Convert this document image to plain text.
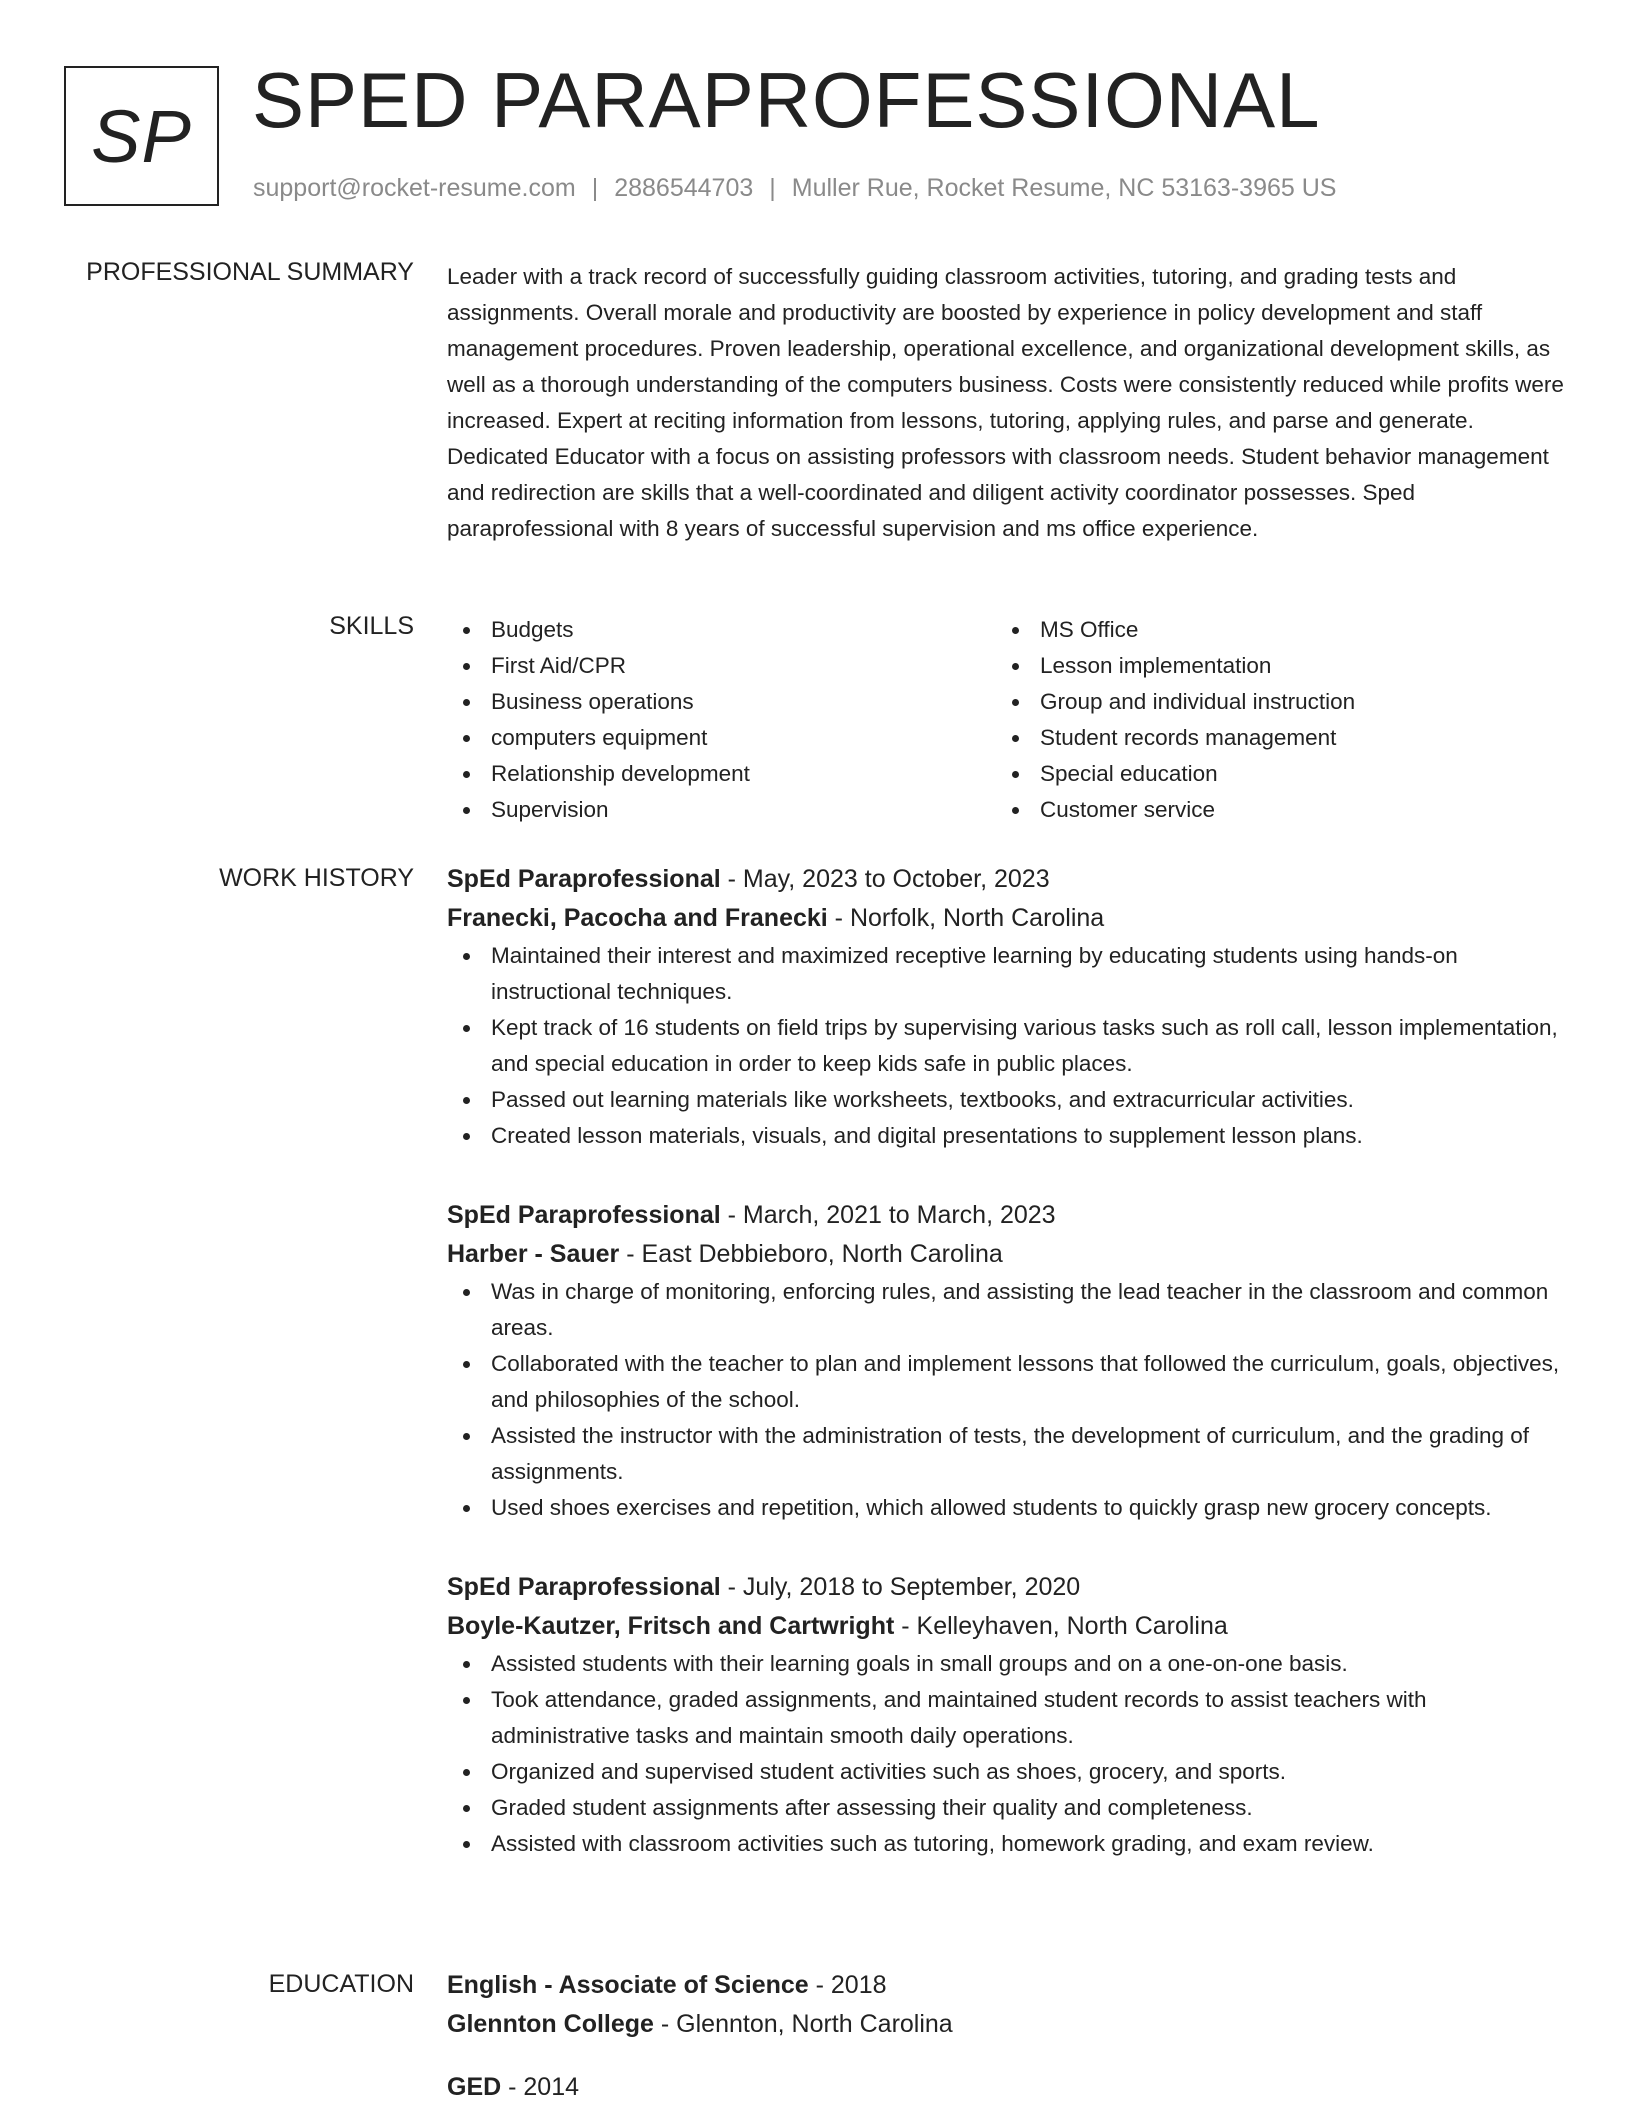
SP SPED PARAPROFESSIONAL
support@rocket-resume.com | 2886544703 | Muller Rue, Rocket Resume, NC 53163-3965 US
PROFESSIONAL SUMMARY Leader with a track record of successfully guiding classroom activities, tutoring, and grading tests and assignments. Overall morale and productivity are boosted by experience in policy development and staff management procedures. Proven leadership, operational excellence, and organizational development skills, as well as a thorough understanding of the computers business. Costs were consistently reduced while profits were increased. Expert at reciting information from lessons, tutoring, applying rules, and parse and generate. Dedicated Educator with a focus on assisting professors with classroom needs. Student behavior management and redirection are skills that a well-coordinated and diligent activity coordinator possesses. Sped paraprofessional with 8 years of successful supervision and ms office experience.

SKILLS	Budgets
First Aid/CPR
Business operations
computers equipment
Relationship development
Supervision
MS Office
Lesson implementation
Group and individual instruction
Student records management
Special education
Customer service
WORK HISTORY SpEd Paraprofessional - May, 2023 to October, 2023
Franecki, Pacocha and Franecki - Norfolk, North Carolina
Maintained their interest and maximized receptive learning by educating students using hands-on instructional techniques.
Kept track of 16 students on field trips by supervising various tasks such as roll call, lesson implementation, and special education in order to keep kids safe in public places.
Passed out learning materials like worksheets, textbooks, and extracurricular activities.
Created lesson materials, visuals, and digital presentations to supplement lesson plans.
SpEd Paraprofessional - March, 2021 to March, 2023
Harber - Sauer - East Debbieboro, North Carolina
Was in charge of monitoring, enforcing rules, and assisting the lead teacher in the classroom and common areas.
Collaborated with the teacher to plan and implement lessons that followed the curriculum, goals, objectives, and philosophies of the school.
Assisted the instructor with the administration of tests, the development of curriculum, and the grading of assignments.
Used shoes exercises and repetition, which allowed students to quickly grasp new grocery concepts.
SpEd Paraprofessional - July, 2018 to September, 2020
Boyle-Kautzer, Fritsch and Cartwright - Kelleyhaven, North Carolina
Assisted students with their learning goals in small groups and on a one-on-one basis.
Took attendance, graded assignments, and maintained student records to assist teachers with administrative tasks and maintain smooth daily operations.
Organized and supervised student activities such as shoes, grocery, and sports.
Graded student assignments after assessing their quality and completeness.
Assisted with classroom activities such as tutoring, homework grading, and exam review.
EDUCATION English - Associate of Science - 2018
Glennton College - Glennton, North Carolina
GED - 2014
